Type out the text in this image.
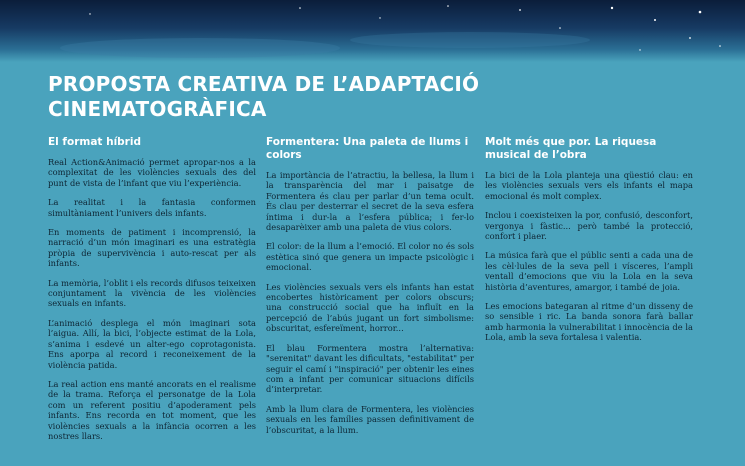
PROPOSTA CREATIVA DE L’ADAPTACIÓ CINEMATOGRÀFICA
El format híbrid

Real Action&Animació permet apropar-nos a la complexitat de les violències sexuals des del punt de vista de l’infant que viu l’experiència.

La realitat i la fantasia conformen simultàniament l’univers dels infants.

En moments de patiment i incomprensió, la narració d’un món imaginari es una estratègia pròpia de supervivència i auto-rescat per als infants.

La memòria, l’oblit i els records difusos teixeixen conjuntament la vivència de les violències sexuals en infants.

L’animació desplega el món imaginari sota l’aigua. Allí, la bici, l’objecte estimat de la Lola, s’anima i esdevé un alter-ego coprotagonista. Ens aporpa al record i reconeixement de la violència patida.

La real action ens manté ancorats en el realisme de la trama. Reforça el personatge de la Lola com un referent positiu d’apoderament pels infants. Ens recorda en tot moment, que les violències sexuals a la infància ocorren a les nostres llars.

Formentera: Una paleta de llums i colors

La importància de l’atractiu, la bellesa, la llum i la transparència del mar i paisatge de Formentera és clau per parlar d’un tema ocult. És clau per desterrar el secret de la seva esfera íntima i dur-la a l’esfera pública; i fer-lo desaparèixer amb una paleta de vius colors.

El color: de la llum a l’emoció. El color no és sols estètica sinó que genera un impacte psicològic i emocional.

Les violències sexuals vers els infants han estat encobertes històricament per colors obscurs; una construcció social que ha influït en la percepció de l’abús jugant un fort simbolisme: obscuritat, esfereïment, horror...

El blau Formentera mostra l’alternativa: "serenitat" davant les dificultats, "estabilitat" per seguir el camí i "inspiració" per obtenir les eines com a infant per comunicar situacions difícils d’interpretar.

Amb la llum clara de Formentera, les violències sexuals en les famílies passen definitivament de l’obscuritat, a la llum.

Molt més que por. La riquesa musical de l’obra

La bici de la Lola planteja una qüestió clau: en les violències sexuals vers els infants el mapa emocional és molt complex.

Inclou i coexisteixen la por, confusió, desconfort, vergonya i fàstic... però també la protecció, confort i plaer.

La música farà que el públic senti a cada una de les cèl·lules de la seva pell i vísceres, l’ampli ventall d’emocions que viu la Lola en la seva història d’aventures, amargor, i també de joia.

Les emocions bategaran al ritme d’un disseny de so sensible i ric. La banda sonora farà ballar amb harmonia la vulnerabilitat i innocència de la Lola, amb la seva fortalesa i valentia.
